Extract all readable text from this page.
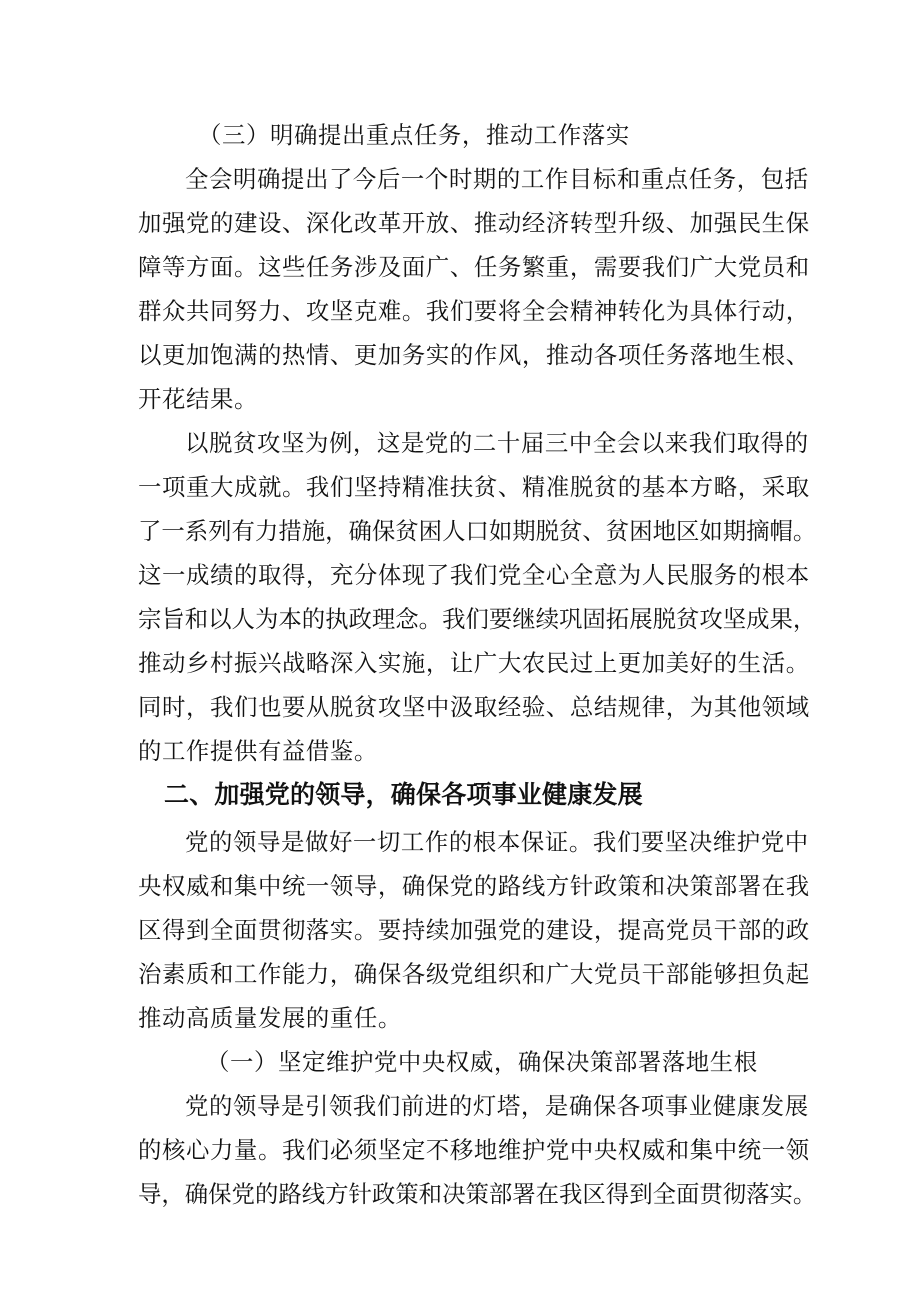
（三）明确提出重点任务，推动工作落实
全会明确提出了今后一个时期的工作目标和重点任务，包括
加强党的建设、深化改革开放、推动经济转型升级、加强民生保
障等方面。这些任务涉及面广、任务繁重，需要我们广大党员和
群众共同努力、攻坚克难。我们要将全会精神转化为具体行动，
以更加饱满的热情、更加务实的作风，推动各项任务落地生根、
开花结果。
以脱贫攻坚为例，这是党的二十届三中全会以来我们取得的
一项重大成就。我们坚持精准扶贫、精准脱贫的基本方略，采取
了一系列有力措施，确保贫困人口如期脱贫、贫困地区如期摘帽。
这一成绩的取得，充分体现了我们党全心全意为人民服务的根本
宗旨和以人为本的执政理念。我们要继续巩固拓展脱贫攻坚成果，
推动乡村振兴战略深入实施，让广大农民过上更加美好的生活。
同时，我们也要从脱贫攻坚中汲取经验、总结规律，为其他领域
的工作提供有益借鉴。
二、加强党的领导，确保各项事业健康发展
党的领导是做好一切工作的根本保证。我们要坚决维护党中
央权威和集中统一领导，确保党的路线方针政策和决策部署在我
区得到全面贯彻落实。要持续加强党的建设，提高党员干部的政
治素质和工作能力，确保各级党组织和广大党员干部能够担负起
推动高质量发展的重任。
（一）坚定维护党中央权威，确保决策部署落地生根
党的领导是引领我们前进的灯塔，是确保各项事业健康发展
的核心力量。我们必须坚定不移地维护党中央权威和集中统一领
导，确保党的路线方针政策和决策部署在我区得到全面贯彻落实。
